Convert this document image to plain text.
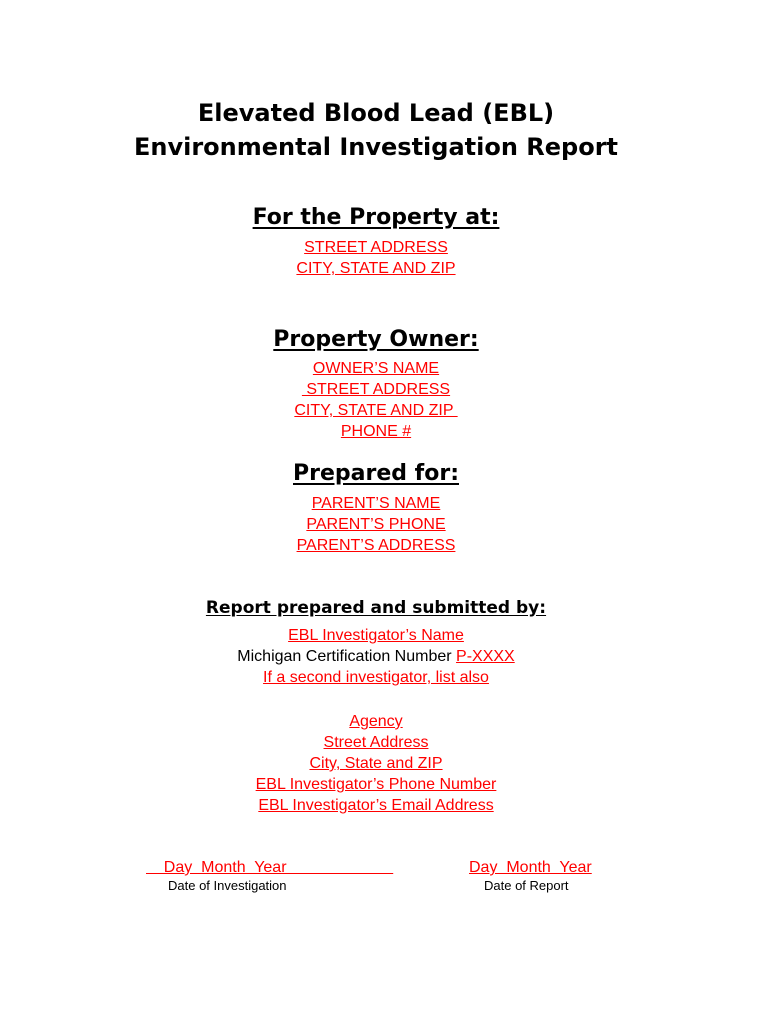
Elevated Blood Lead (EBL)
Environmental Investigation Report
For the Property at:
STREET ADDRESS
CITY, STATE AND ZIP
Property Owner:
OWNER’S NAME
STREET ADDRESS
CITY, STATE AND ZIP
PHONE #
Prepared for:
PARENT’S NAME
PARENT’S PHONE
PARENT’S ADDRESS
Report prepared and submitted by:
EBL Investigator’s Name
Michigan Certification Number P-XXXX
If a second investigator, list also
Agency
Street Address
City, State and ZIP
EBL Investigator’s Phone Number
EBL Investigator’s Email Address
Day  Month  Year
Date of Investigation
Day  Month  Year
Date of Report
